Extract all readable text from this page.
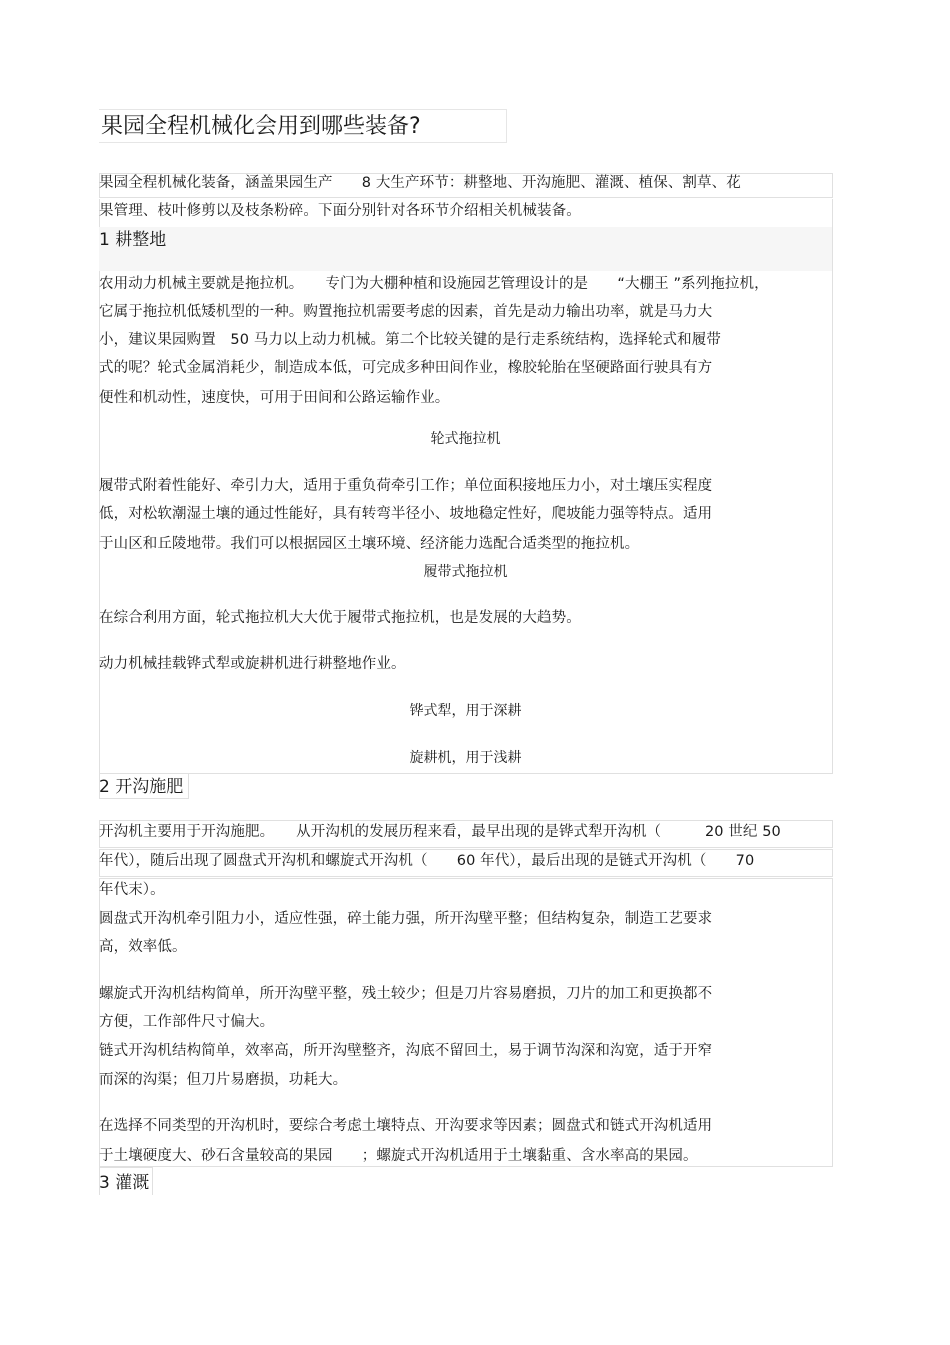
果园全程机械化会用到哪些装备?
果园全程机械化装备，涵盖果园生产　　8 大生产环节：耕整地、开沟施肥、灌溉、植保、割草、花
果管理、枝叶修剪以及枝条粉碎。下面分别针对各环节介绍相关机械装备。
1 耕整地
农用动力机械主要就是拖拉机。　　专门为大棚种植和设施园艺管理设计的是　　“大棚王 ”系列拖拉机，
它属于拖拉机低矮机型的一种。购置拖拉机需要考虑的因素，首先是动力输出功率，就是马力大
小，建议果园购置　50 马力以上动力机械。第二个比较关键的是行走系统结构，选择轮式和履带
式的呢？轮式金属消耗少，制造成本低，可完成多种田间作业，橡胶轮胎在坚硬路面行驶具有方
便性和机动性，速度快，可用于田间和公路运输作业。
轮式拖拉机
履带式附着性能好、牵引力大，适用于重负荷牵引工作；单位面积接地压力小，对土壤压实程度
低，对松软潮湿土壤的通过性能好，具有转弯半径小、坡地稳定性好，爬坡能力强等特点。适用
于山区和丘陵地带。我们可以根据园区土壤环境、经济能力选配合适类型的拖拉机。
履带式拖拉机
在综合利用方面，轮式拖拉机大大优于履带式拖拉机，也是发展的大趋势。
动力机械挂载铧式犁或旋耕机进行耕整地作业。
铧式犁，用于深耕
旋耕机，用于浅耕
2 开沟施肥
开沟机主要用于开沟施肥。　　从开沟机的发展历程来看，最早出现的是铧式犁开沟机（　　　20 世纪 50
年代），随后出现了圆盘式开沟机和螺旋式开沟机（　　60 年代），最后出现的是链式开沟机（　　70
年代末）。
圆盘式开沟机牵引阻力小，适应性强，碎土能力强，所开沟壁平整；但结构复杂，制造工艺要求
高，效率低。
螺旋式开沟机结构简单，所开沟壁平整，残土较少；但是刀片容易磨损，刀片的加工和更换都不
方便，工作部件尺寸偏大。
链式开沟机结构简单，效率高，所开沟壁整齐，沟底不留回土，易于调节沟深和沟宽，适于开窄
而深的沟渠；但刀片易磨损，功耗大。
在选择不同类型的开沟机时，要综合考虑土壤特点、开沟要求等因素；圆盘式和链式开沟机适用
于土壤硬度大、砂石含量较高的果园　　；螺旋式开沟机适用于土壤黏重、含水率高的果园。
3 灌溉
